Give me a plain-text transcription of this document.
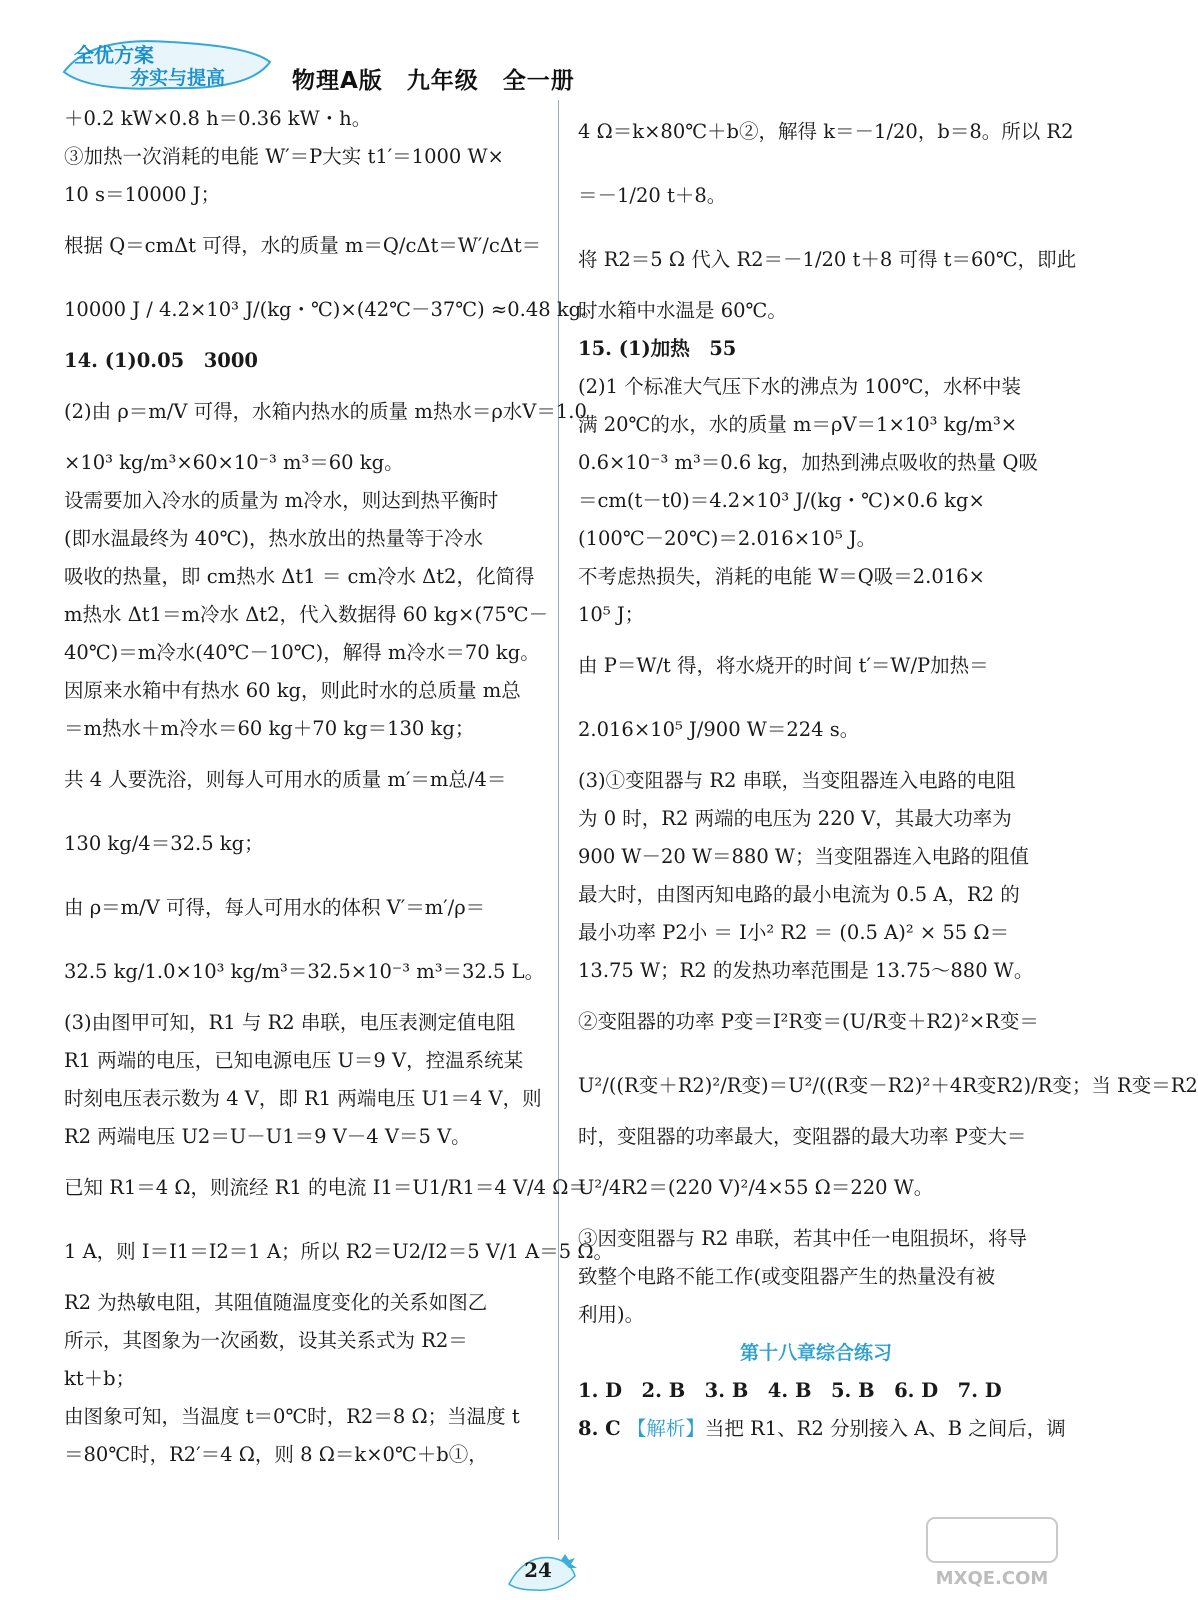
全优方案
夯实与提高	物理A版　九年级　全一册
＋0.2 kW×0.8 h＝0.36 kW・h。
③加热一次消耗的电能 W′＝P大实 t1′＝1000 W×
10 s＝10000 J；
根据 Q＝cmΔt 可得，水的质量 m＝Q/cΔt＝W′/cΔt＝
10000 J / 4.2×10³ J/(kg・℃)×(42℃－37℃) ≈0.48 kg。
14. (1)0.05　3000
(2)由 ρ＝m/V 可得，水箱内热水的质量 m热水＝ρ水V＝1.0
×10³ kg/m³×60×10⁻³ m³＝60 kg。
设需要加入冷水的质量为 m冷水，则达到热平衡时
(即水温最终为 40℃)，热水放出的热量等于冷水
吸收的热量，即 cm热水 Δt1 ＝ cm冷水 Δt2，化简得
m热水 Δt1＝m冷水 Δt2，代入数据得 60 kg×(75℃－
40℃)＝m冷水(40℃－10℃)，解得 m冷水＝70 kg。
因原来水箱中有热水 60 kg，则此时水的总质量 m总
＝m热水＋m冷水＝60 kg＋70 kg＝130 kg；
共 4 人要洗浴，则每人可用水的质量 m′＝m总/4＝
130 kg/4＝32.5 kg；
由 ρ＝m/V 可得，每人可用水的体积 V′＝m′/ρ＝
32.5 kg/1.0×10³ kg/m³＝32.5×10⁻³ m³＝32.5 L。
(3)由图甲可知，R1 与 R2 串联，电压表测定值电阻
R1 两端的电压，已知电源电压 U＝9 V，控温系统某
时刻电压表示数为 4 V，即 R1 两端电压 U1＝4 V，则
R2 两端电压 U2＝U－U1＝9 V－4 V＝5 V。
已知 R1＝4 Ω，则流经 R1 的电流 I1＝U1/R1＝4 V/4 Ω＝
1 A，则 I＝I1＝I2＝1 A；所以 R2＝U2/I2＝5 V/1 A＝5 Ω。
R2 为热敏电阻，其阻值随温度变化的关系如图乙
所示，其图象为一次函数，设其关系式为 R2＝
kt＋b；
由图象可知，当温度 t＝0℃时，R2＝8 Ω；当温度 t
＝80℃时，R2′＝4 Ω，则 8 Ω＝k×0℃＋b①，
4 Ω＝k×80℃＋b②，解得 k＝－1/20，b＝8。所以 R2
＝－1/20 t＋8。
将 R2＝5 Ω 代入 R2＝－1/20 t＋8 可得 t＝60℃，即此
时水箱中水温是 60℃。
15. (1)加热　55
(2)1 个标准大气压下水的沸点为 100℃，水杯中装
满 20℃的水，水的质量 m＝ρV＝1×10³ kg/m³×
0.6×10⁻³ m³＝0.6 kg，加热到沸点吸收的热量 Q吸
＝cm(t－t0)＝4.2×10³ J/(kg・℃)×0.6 kg×
(100℃－20℃)＝2.016×10⁵ J。
不考虑热损失，消耗的电能 W＝Q吸＝2.016×
10⁵ J；
由 P＝W/t 得，将水烧开的时间 t′＝W/P加热＝
2.016×10⁵ J/900 W＝224 s。
(3)①变阻器与 R2 串联，当变阻器连入电路的电阻
为 0 时，R2 两端的电压为 220 V，其最大功率为
900 W－20 W＝880 W；当变阻器连入电路的阻值
最大时，由图丙知电路的最小电流为 0.5 A，R2 的
最小功率 P2小 ＝ I小² R2 ＝ (0.5 A)² × 55 Ω＝
13.75 W；R2 的发热功率范围是 13.75～880 W。
②变阻器的功率 P变＝I²R变＝(U/R变＋R2)²×R变＝
U²/((R变＋R2)²/R变)＝U²/((R变－R2)²＋4R变R2)/R变；当 R变＝R2
时，变阻器的功率最大，变阻器的最大功率 P变大＝
U²/4R2＝(220 V)²/4×55 Ω＝220 W。
③因变阻器与 R2 串联，若其中任一电阻损坏，将导
致整个电路不能工作(或变阻器产生的热量没有被
利用)。
第十八章综合练习
1. D　2. B　3. B　4. B　5. B　6. D　7. D
8. C 【解析】当把 R1、R2 分别接入 A、B 之间后，调
24	MXQE.COM
